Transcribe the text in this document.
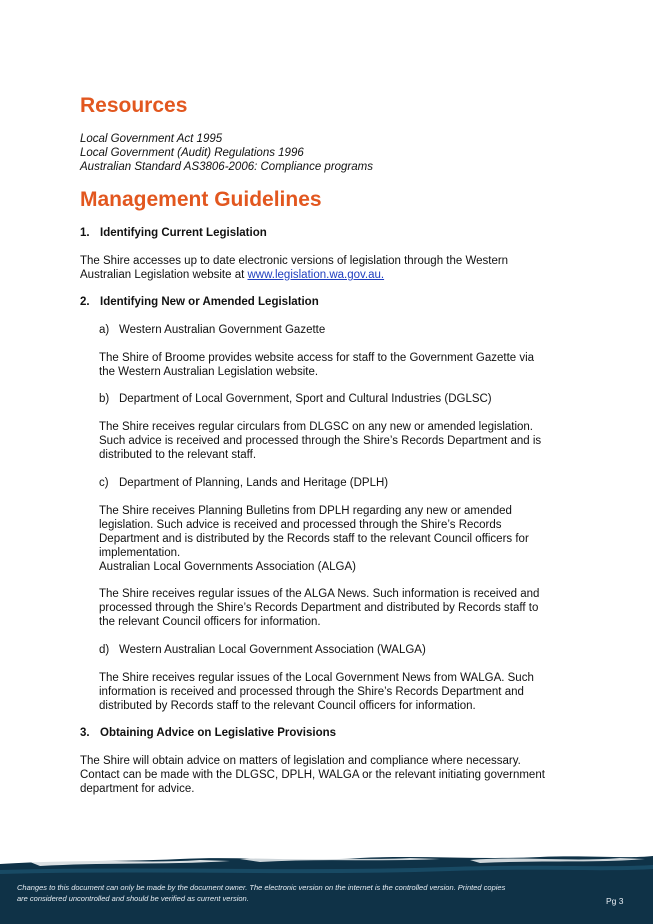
Resources
Local Government Act 1995
Local Government (Audit) Regulations 1996
Australian Standard AS3806-2006: Compliance programs
Management Guidelines
1. Identifying Current Legislation
The Shire accesses up to date electronic versions of legislation through the Western
Australian Legislation website at www.legislation.wa.gov.au.
2. Identifying New or Amended Legislation
a) Western Australian Government Gazette
The Shire of Broome provides website access for staff to the Government Gazette via
the Western Australian Legislation website.
b) Department of Local Government, Sport and Cultural Industries (DGLSC)
The Shire receives regular circulars from DLGSC on any new or amended legislation.
Such advice is received and processed through the Shire’s Records Department and is
distributed to the relevant staff.
c) Department of Planning, Lands and Heritage (DPLH)
The Shire receives Planning Bulletins from DPLH regarding any new or amended
legislation. Such advice is received and processed through the Shire’s Records
Department and is distributed by the Records staff to the relevant Council officers for
implementation.
Australian Local Governments Association (ALGA)
The Shire receives regular issues of the ALGA News. Such information is received and
processed through the Shire’s Records Department and distributed by Records staff to
the relevant Council officers for information.
d) Western Australian Local Government Association (WALGA)
The Shire receives regular issues of the Local Government News from WALGA. Such
information is received and processed through the Shire’s Records Department and
distributed by Records staff to the relevant Council officers for information.
3. Obtaining Advice on Legislative Provisions
The Shire will obtain advice on matters of legislation and compliance where necessary.
Contact can be made with the DLGSC, DPLH, WALGA or the relevant initiating government
department for advice.
Changes to this document can only be made by the document owner. The electronic version on the internet is the controlled version. Printed copies
are considered uncontrolled and should be verified as current version.	Pg 3
